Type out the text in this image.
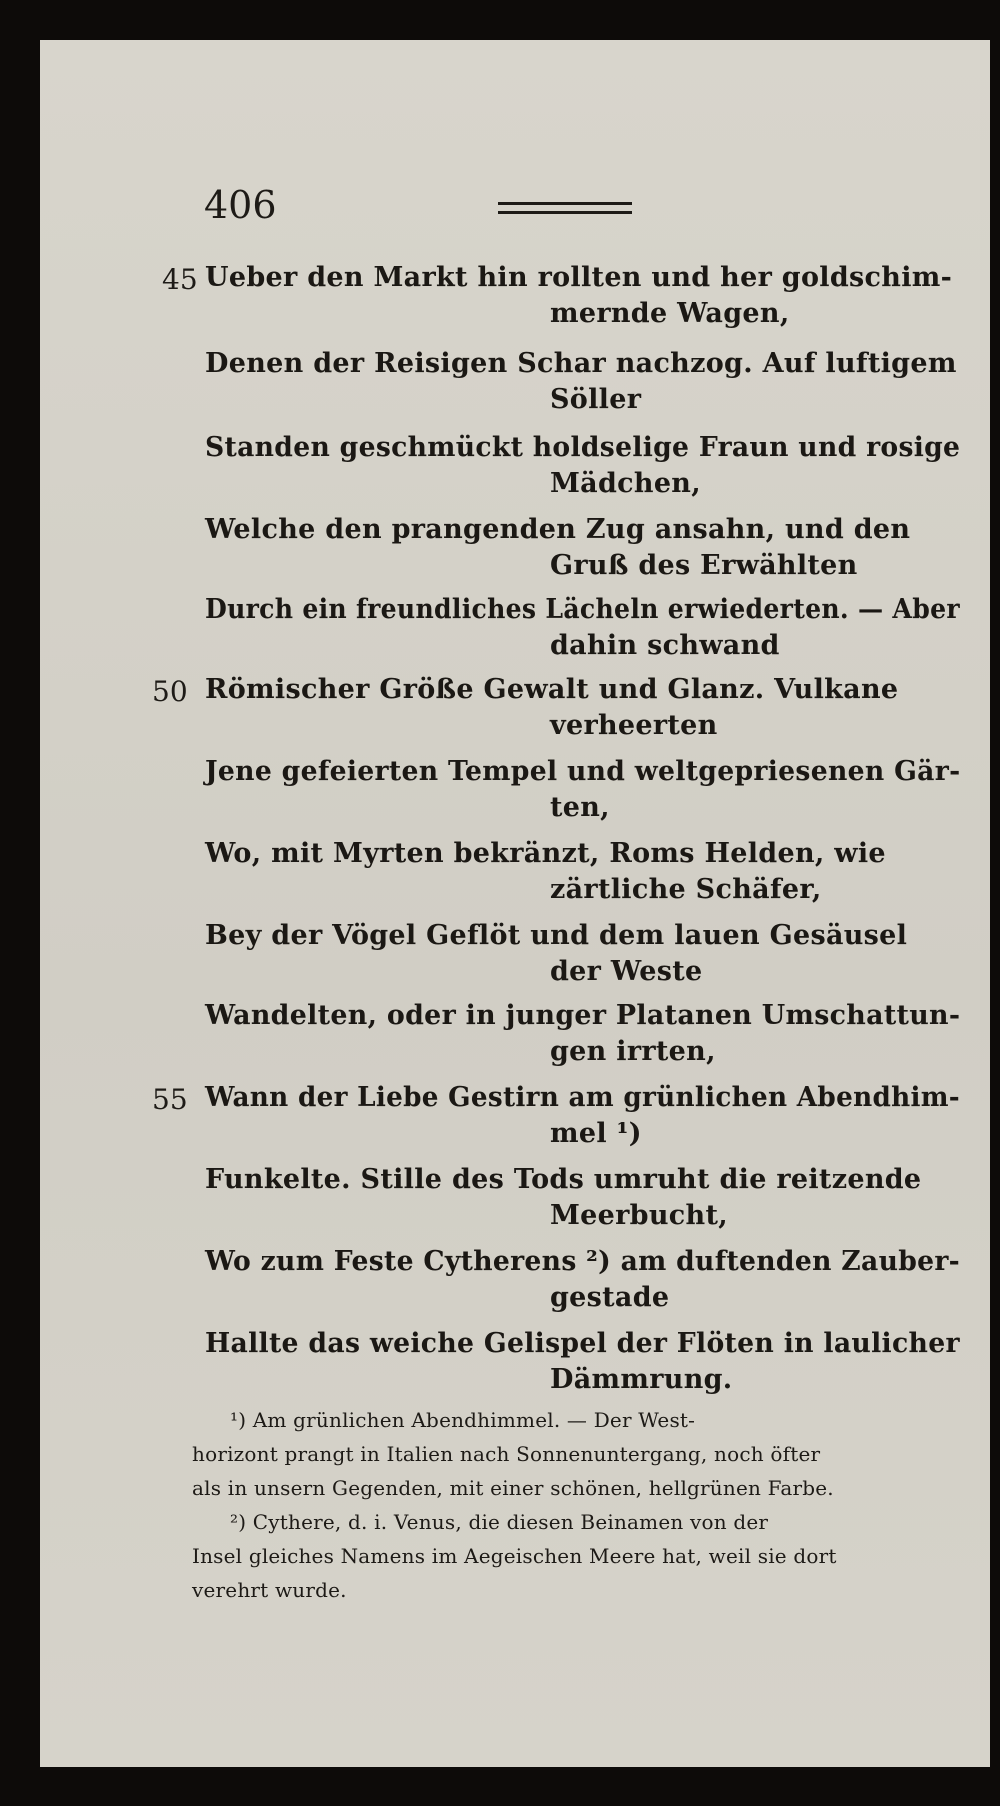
406
45 Ueber den Markt hin rollten und her goldschim-
mernde Wagen,
Denen der Reisigen Schar nachzog. Auf luftigem
Söller
Standen geschmückt holdselige Fraun und rosige
Mädchen,
Welche den prangenden Zug ansahn, und den
Gruß des Erwählten
Durch ein freundliches Lächeln erwiederten. — Aber
dahin schwand
50 Römischer Größe Gewalt und Glanz. Vulkane
verheerten
Jene gefeierten Tempel und weltgepriesenen Gär-
ten,
Wo, mit Myrten bekränzt, Roms Helden, wie
zärtliche Schäfer,
Bey der Vögel Geflöt und dem lauen Gesäusel
der Weste
Wandelten, oder in junger Platanen Umschattun-
gen irrten,
55 Wann der Liebe Gestirn am grünlichen Abendhim-
mel ¹)
Funkelte. Stille des Tods umruht die reitzende
Meerbucht,
Wo zum Feste Cytherens ²) am duftenden Zauber-
gestade
Hallte das weiche Gelispel der Flöten in laulicher
Dämmrung.
¹) Am grünlichen Abendhimmel. — Der West-
horizont prangt in Italien nach Sonnenuntergang, noch öfter
als in unsern Gegenden, mit einer schönen, hellgrünen Farbe.
²) Cythere, d. i. Venus, die diesen Beinamen von der
Insel gleiches Namens im Aegeischen Meere hat, weil sie dort
verehrt wurde.
